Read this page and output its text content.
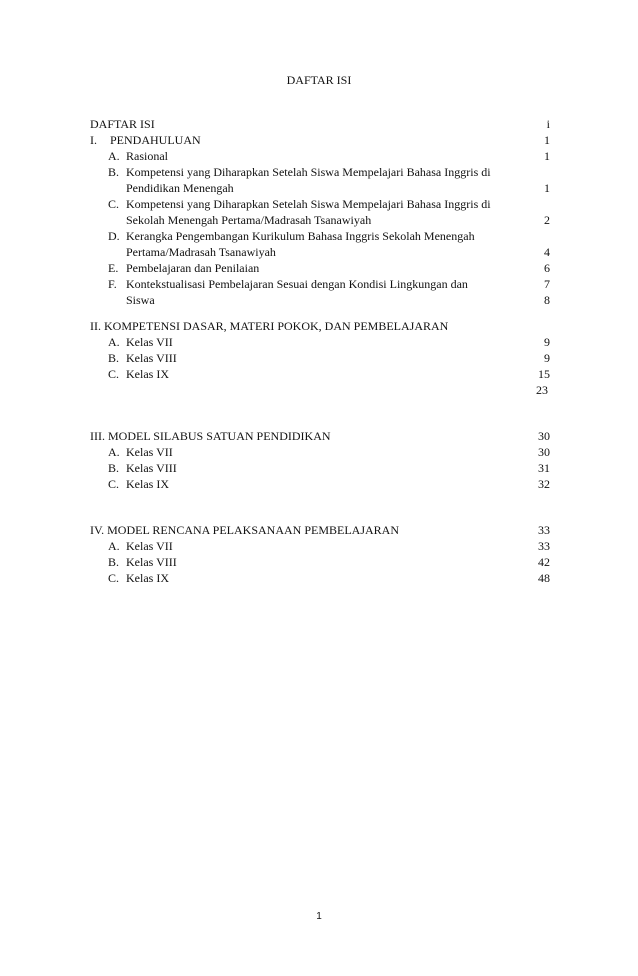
DAFTAR ISI
DAFTAR ISI	i
I. PENDAHULUAN	1
A. Rasional	1
B. Kompetensi yang Diharapkan Setelah Siswa Mempelajari Bahasa Inggris di
Pendidikan Menengah	1
C. Kompetensi yang Diharapkan Setelah Siswa Mempelajari Bahasa Inggris di
Sekolah Menengah Pertama/Madrasah Tsanawiyah	2
D. Kerangka Pengembangan Kurikulum Bahasa Inggris Sekolah Menengah
Pertama/Madrasah Tsanawiyah	4
E. Pembelajaran dan Penilaian	6
F. Kontekstualisasi Pembelajaran Sesuai dengan Kondisi Lingkungan dan	7
Siswa	8
II. KOMPETENSI DASAR, MATERI POKOK, DAN PEMBELAJARAN
A. Kelas VII	9
B. Kelas VIII	9
C. Kelas IX	15
23
III. MODEL SILABUS SATUAN PENDIDIKAN	30
A. Kelas VII	30
B. Kelas VIII	31
C. Kelas IX	32
IV. MODEL RENCANA PELAKSANAAN PEMBELAJARAN	33
A. Kelas VII	33
B. Kelas VIII	42
C. Kelas IX	48
1
